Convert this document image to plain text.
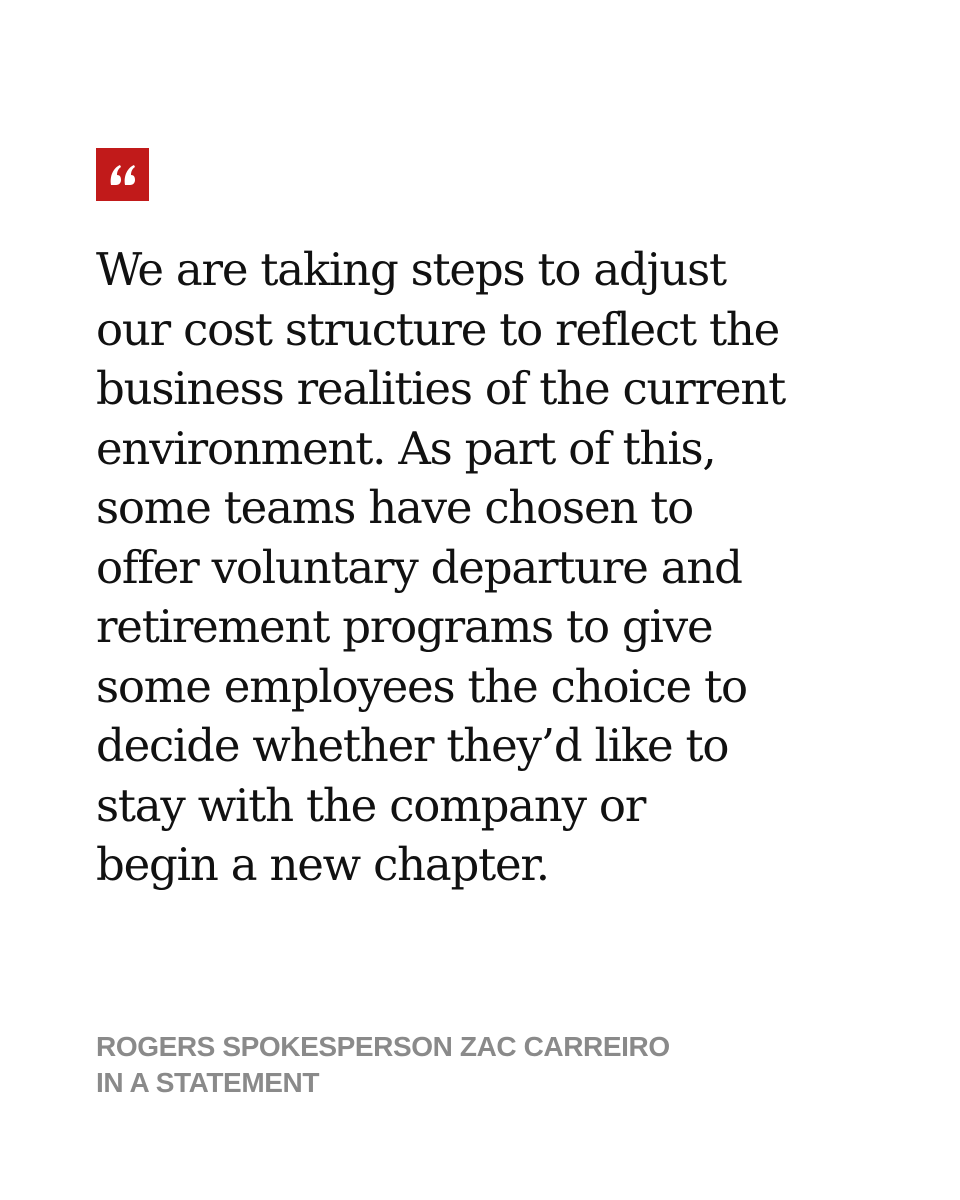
We are taking steps to adjust
our cost structure to reflect the
business realities of the current
environment. As part of this,
some teams have chosen to
offer voluntary departure and
retirement programs to give
some employees the choice to
decide whether they’d like to
stay with the company or
begin a new chapter.

ROGERS SPOKESPERSON ZAC CARREIRO
IN A STATEMENT
